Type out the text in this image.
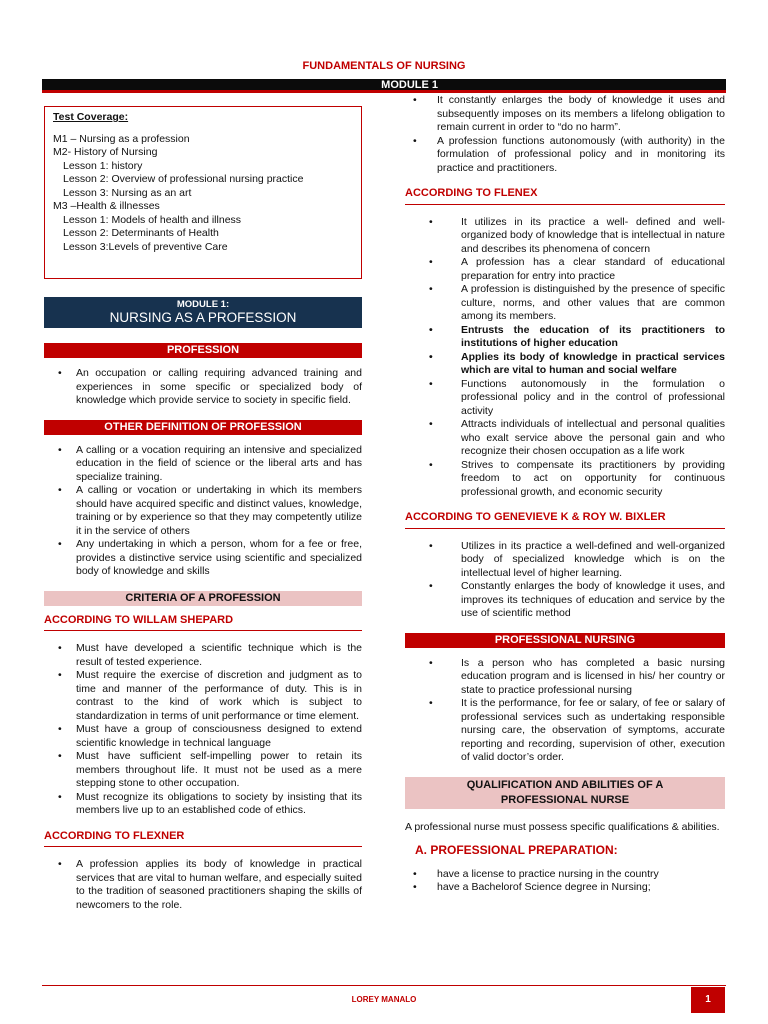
FUNDAMENTALS OF NURSING
MODULE 1
Test Coverage:
M1 – Nursing as a profession
M2- History of Nursing
Lesson 1: history
Lesson 2: Overview of professional nursing practice
Lesson 3: Nursing as an art
M3 –Health & illnesses
Lesson 1: Models of health and illness
Lesson 2: Determinants of Health
Lesson 3:Levels of preventive Care
MODULE 1:
NURSING AS A PROFESSION
PROFESSION
• An occupation or calling requiring advanced training and experiences in some specific or specialized body of knowledge which provide service to society in specific field.
OTHER DEFINITION OF PROFESSION
• A calling or a vocation requiring an intensive and specialized education in the field of science or the liberal arts and has specialize training.
• A calling or vocation or undertaking in which its members should have acquired specific and distinct values, knowledge, training or by experience so that they may competently utilize it in the service of others
• Any undertaking in which a person, whom for a fee or free, provides a distinctive service using scientific and specialized body of knowledge and skills
CRITERIA OF A PROFESSION
ACCORDING TO WILLAM SHEPARD
• Must have developed a scientific technique which is the result of tested experience.
• Must require the exercise of discretion and judgment as to time and manner of the performance of duty. This is in contrast to the kind of work which is subject to standardization in terms of unit performance or time element.
• Must have a group of consciousness designed to extend scientific knowledge in technical language
• Must have sufficient self-impelling power to retain its members throughout life. It must not be used as a mere stepping stone to other occupation.
• Must recognize its obligations to society by insisting that its members live up to an established code of ethics.
ACCORDING TO FLEXNER
• A profession applies its body of knowledge in practical services that are vital to human welfare, and especially suited to the tradition of seasoned practitioners shaping the skills of newcomers to the role.
• It constantly enlarges the body of knowledge it uses and subsequently imposes on its members a lifelong obligation to remain current in order to “do no harm”.
• A profession functions autonomously (with authority) in the formulation of professional policy and in monitoring its practice and practitioners.
ACCORDING TO FLENEX
• It utilizes in its practice a well- defined and well-organized body of knowledge that is intellectual in nature and describes its phenomena of concern
• A profession has a clear standard of educational preparation for entry into practice
• A profession is distinguished by the presence of specific culture, norms, and other values that are common among its members.
• Entrusts the education of its practitioners to institutions of higher education
• Applies its body of knowledge in practical services which are vital to human and social welfare
• Functions autonomously in the formulation o professional policy and in the control of professional activity
• Attracts individuals of intellectual and personal qualities who exalt service above the personal gain and who recognize their chosen occupation as a life work
• Strives to compensate its practitioners by providing freedom to act on opportunity for continuous professional growth, and economic security
ACCORDING TO GENEVIEVE K & ROY W. BIXLER
• Utilizes in its practice a well-defined and well-organized body of specialized knowledge which is on the intellectual level of higher learning.
• Constantly enlarges the body of knowledge it uses, and improves its techniques of education and service by the use of scientific method
PROFESSIONAL NURSING
• Is a person who has completed a basic nursing education program and is licensed in his/ her country or state to practice professional nursing
• It is the performance, for fee or salary, of fee or salary of professional services such as undertaking responsible nursing care, the observation of symptoms, accurate reporting and recording, supervision of other, execution of valid doctor’s order.
QUALIFICATION AND ABILITIES OF A
PROFESSIONAL NURSE
A professional nurse must possess specific qualifications & abilities.
A. PROFESSIONAL PREPARATION:
• have a license to practice nursing in the country
• have a Bachelorof Science degree in Nursing;
LOREY MANALO	1
